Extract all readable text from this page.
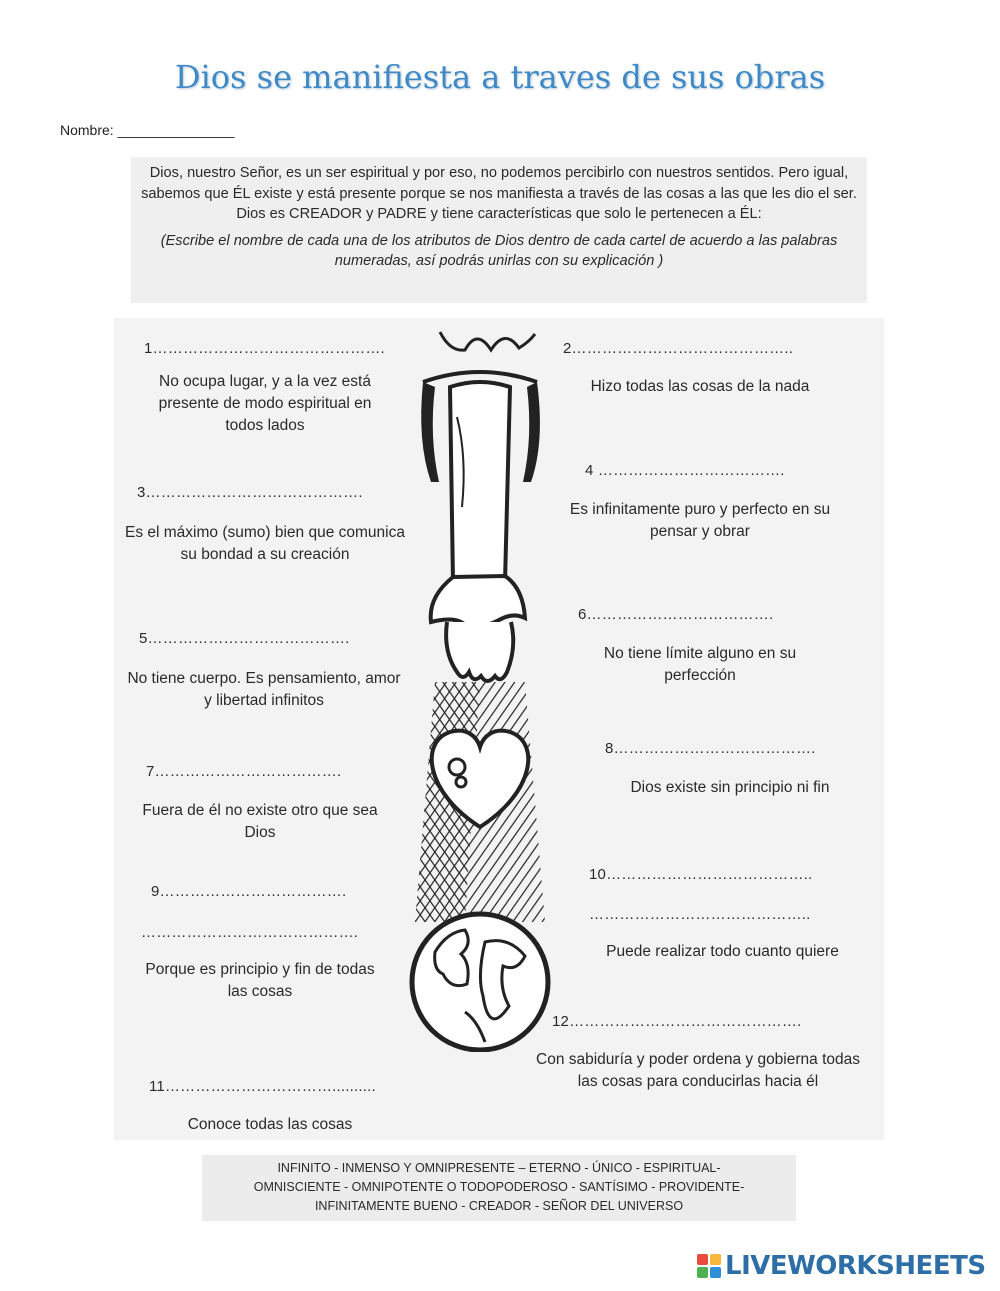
Dios se manifiesta a traves de sus obras
Nombre: _______________
Dios, nuestro Señor, es un ser espiritual y por eso, no podemos percibirlo con nuestros sentidos. Pero igual, sabemos que ÉL existe y está presente porque se nos manifiesta a través de las cosas a las que les dio el ser. Dios es CREADOR y PADRE y tiene características que solo le pertenecen a ÉL:
(Escribe el nombre de cada una de los atributos de Dios dentro de cada cartel de acuerdo a las palabras numeradas, así podrás unirlas con su explicación )
1……………………………………….
No ocupa lugar, y a la vez está presente de modo espiritual en todos lados
3…………………………………….
Es el máximo (sumo) bien que comunica su bondad a su creación
5………………………………….
No tiene cuerpo. Es pensamiento, amor y libertad infinitos
7……………………………….
Fuera de él no existe otro que sea Dios
9……………………………….
…………………………………….
Porque es principio y fin de todas las cosas
11……………………………..........
Conoce todas las cosas
2……………………………………..
Hizo todas las cosas de la nada
4 ……………………………….
Es infinitamente puro y perfecto en su pensar y obrar
6……………………………….
No tiene límite alguno en su perfección
8………………………………….
Dios existe sin principio ni fin
10…………………………………..
……………………………………..
Puede realizar todo cuanto quiere
12……………………………………….
Con sabiduría y poder ordena y gobierna todas las cosas para conducirlas hacia él
INFINITO - INMENSO Y OMNIPRESENTE – ETERNO - ÚNICO - ESPIRITUAL-
OMNISCIENTE - OMNIPOTENTE O TODOPODEROSO - SANTÍSIMO - PROVIDENTE-
INFINITAMENTE BUENO - CREADOR - SEÑOR DEL UNIVERSO
LIVEWORKSHEETS
